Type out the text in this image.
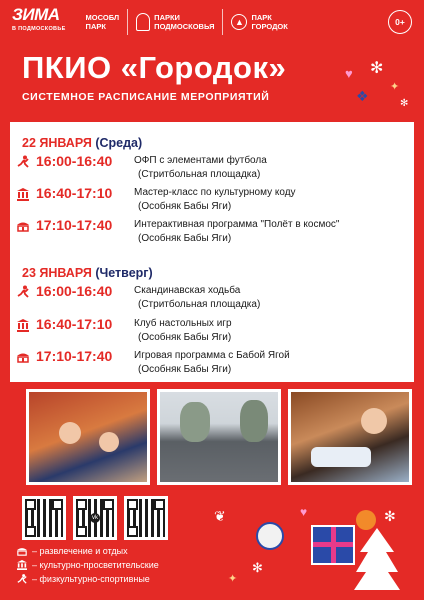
ЗИМА
В ПОДМОСКОВЬЕ
МОСОБЛ
ПАРК
ПАРКИ
ПОДМОСКОВЬЯ	▲	ПАРК
ГОРОДОК	0+
ПКИО «Городок»
СИСТЕМНОЕ РАСПИСАНИЕ МЕРОПРИЯТИЙ
♥ ✻
✦
❖	✻
22 ЯНВАРЯ (Среда)
16:00-16:40 ОФП с элементами футбола
(Стритбольная площадка)
16:40-17:10 Мастер-класс по культурному коду
(Особняк Бабы Яги)
17:10-17:40 Интерактивная программа "Полёт в космос"
(Особняк Бабы Яги)
23 ЯНВАРЯ (Четверг)
16:00-16:40 Скандинавская ходьба
(Стритбольная площадка)
16:40-17:10 Клуб настольных игр
(Особняк Бабы Яги)
17:10-17:40 Игровая программа с Бабой Ягой
(Особняк Бабы Яги)
vk
– развлечение и отдых
– культурно-просветительские
– физкультурно-спортивные
❦	♥	✻
✦
✻
